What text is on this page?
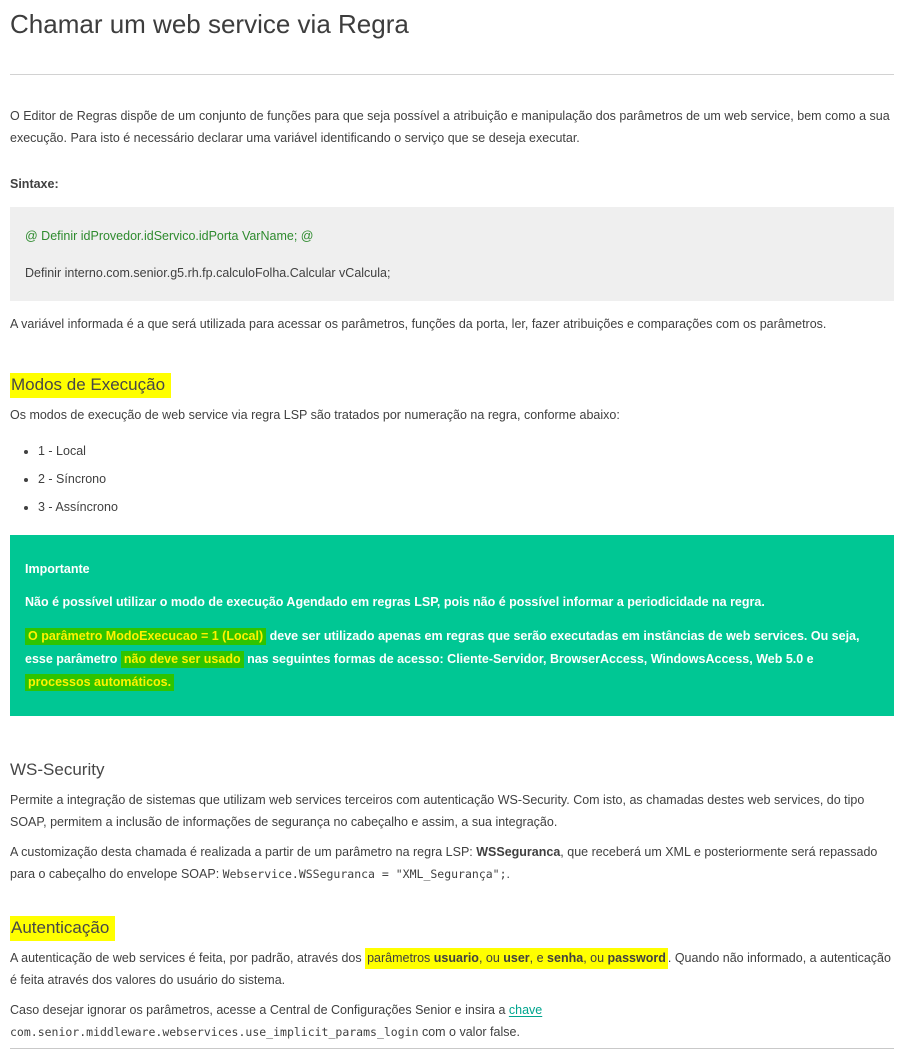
Chamar um web service via Regra

O Editor de Regras dispõe de um conjunto de funções para que seja possível a atribuição e manipulação dos parâmetros de um web service, bem como a sua execução. Para isto é necessário declarar uma variável identificando o serviço que se deseja executar.

Sintaxe:

@ Definir idProvedor.idServico.idPorta VarName; @
Definir interno.com.senior.g5.rh.fp.calculoFolha.Calcular vCalcula;

A variável informada é a que será utilizada para acessar os parâmetros, funções da porta, ler, fazer atribuições e comparações com os parâmetros.

Modos de Execução

Os modos de execução de web service via regra LSP são tratados por numeração na regra, conforme abaixo:

• 1 - Local
• 2 - Síncrono
• 3 - Assíncrono

Importante

Não é possível utilizar o modo de execução Agendado em regras LSP, pois não é possível informar a periodicidade na regra.

O parâmetro ModoExecucao = 1 (Local) deve ser utilizado apenas em regras que serão executadas em instâncias de web services. Ou seja, esse parâmetro não deve ser usado nas seguintes formas de acesso: Cliente-Servidor, BrowserAccess, WindowsAccess, Web 5.0 e processos automáticos.

WS-Security

Permite a integração de sistemas que utilizam web services terceiros com autenticação WS-Security. Com isto, as chamadas destes web services, do tipo SOAP, permitem a inclusão de informações de segurança no cabeçalho e assim, a sua integração.

A customização desta chamada é realizada a partir de um parâmetro na regra LSP: WSSeguranca, que receberá um XML e posteriormente será repassado para o cabeçalho do envelope SOAP: Webservice.WSSeguranca = "XML_Segurança";.

Autenticação

A autenticação de web services é feita, por padrão, através dos parâmetros usuario, ou user, e senha, ou password . Quando não informado, a autenticação é feita através dos valores do usuário do sistema.

Caso desejar ignorar os parâmetros, acesse a Central de Configurações Senior e insira a chave com.senior.middleware.webservices.use_implicit_params_login com o valor false.
